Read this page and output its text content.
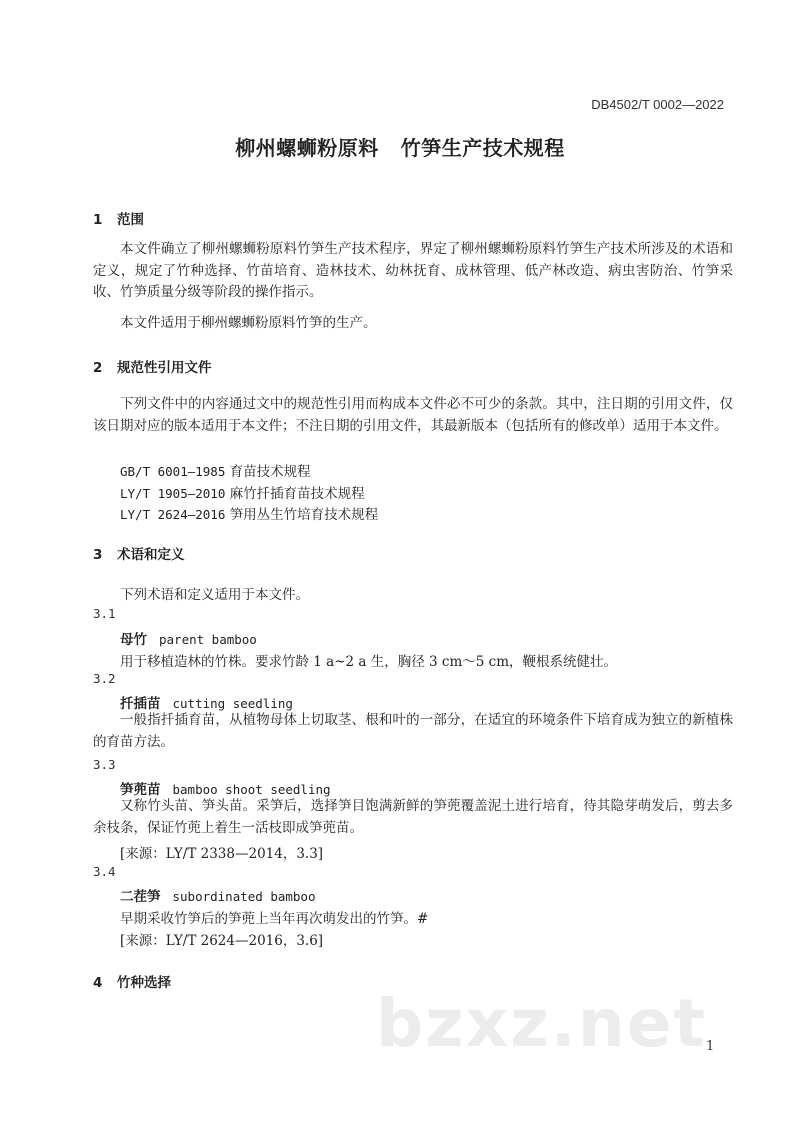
DB4502/T 0002—2022
柳州螺蛳粉原料 竹笋生产技术规程
1 范围
本文件确立了柳州螺蛳粉原料竹笋生产技术程序，界定了柳州螺蛳粉原料竹笋生产技术所涉及的术语和定义，规定了竹种选择、竹苗培育、造林技术、幼林抚育、成林管理、低产林改造、病虫害防治、竹笋采收、竹笋质量分级等阶段的操作指示。
本文件适用于柳州螺蛳粉原料竹笋的生产。
2 规范性引用文件
下列文件中的内容通过文中的规范性引用而构成本文件必不可少的条款。其中，注日期的引用文件，仅该日期对应的版本适用于本文件；不注日期的引用文件，其最新版本（包括所有的修改单）适用于本文件。
GB/T 6001—1985 育苗技术规程
LY/T 1905—2010 麻竹扦插育苗技术规程
LY/T 2624—2016 笋用丛生竹培育技术规程
3 术语和定义
下列术语和定义适用于本文件。
3.1
母竹 parent bamboo
用于移植造林的竹株。要求竹龄 1 a~2 a 生，胸径 3 cm～5 cm，鞭根系统健壮。
3.2
扦插苗 cutting seedling
一般指扦插育苗，从植物母体上切取茎、根和叶的一部分，在适宜的环境条件下培育成为独立的新植株的育苗方法。
3.3
笋蔸苗 bamboo shoot seedling
又称竹头苗、笋头苗。采笋后，选择笋目饱满新鲜的笋蔸覆盖泥土进行培育，待其隐芽萌发后，剪去多余枝条，保证竹蔸上着生一活枝即成笋蔸苗。
[来源：LY/T 2338—2014，3.3]
3.4
二茬笋 subordinated bamboo
早期采收竹笋后的笋蔸上当年再次萌发出的竹笋。#
[来源：LY/T 2624—2016，3.6]
4 竹种选择
bzxz.net
1
